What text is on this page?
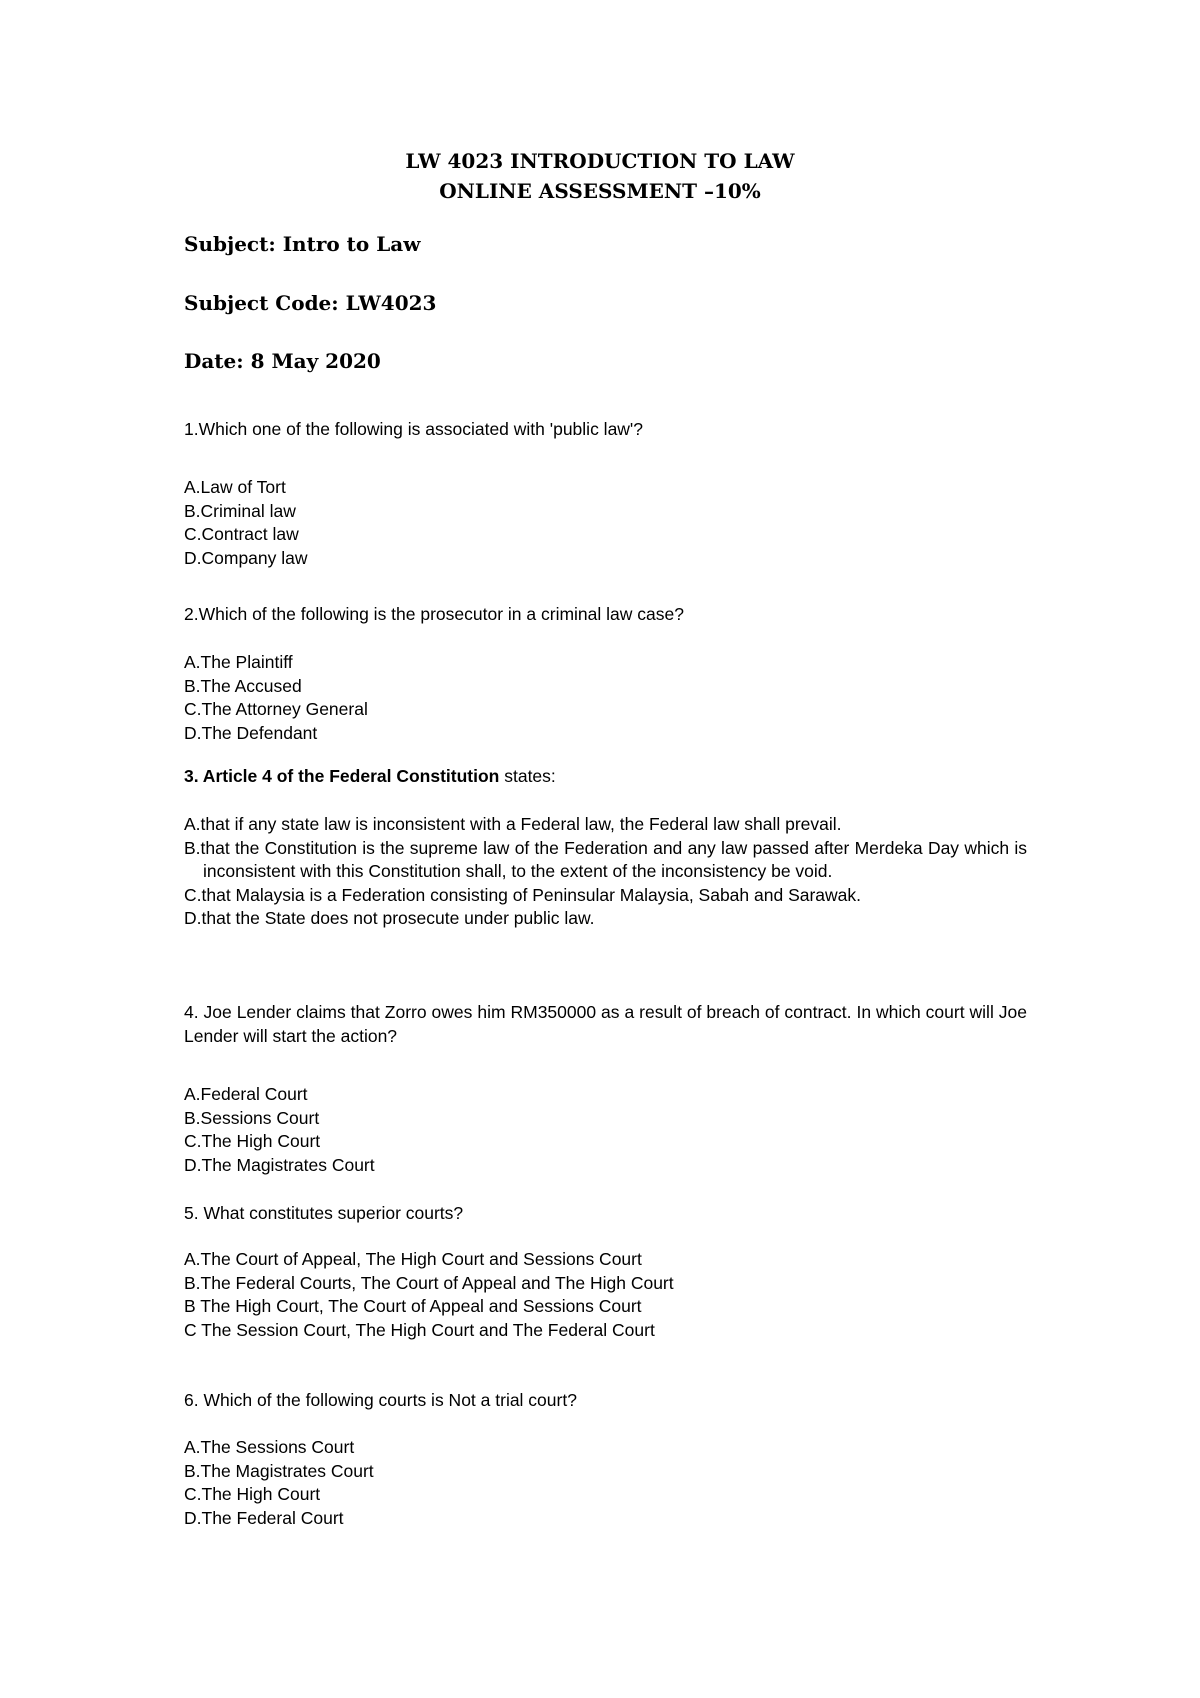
LW 4023 INTRODUCTION TO LAW
ONLINE ASSESSMENT –10%
Subject: Intro to Law
Subject Code: LW4023
Date: 8 May 2020

1.Which one of the following is associated with 'public law'?

A.Law of Tort

B.Criminal law

C.Contract law

D.Company law

2.Which of the following is the prosecutor in a criminal law case?

A.The Plaintiff

B.The Accused

C.The Attorney General

D.The Defendant

3. Article 4 of the Federal Constitution states:

A.that if any state law is inconsistent with a Federal law, the Federal law shall prevail.

B.that the Constitution is the supreme law of the Federation and any law passed after Merdeka Day which is inconsistent with this Constitution shall, to the extent of the inconsistency be void.

C.that Malaysia is a Federation consisting of Peninsular Malaysia, Sabah and Sarawak.

D.that the State does not prosecute under public law.

4. Joe Lender claims that Zorro owes him RM350000 as a result of breach of contract. In which court will Joe Lender will start the action?

A.Federal Court

B.Sessions Court

C.The High Court

D.The Magistrates Court

5. What constitutes superior courts?

A.The Court of Appeal, The High Court and Sessions Court

B.The Federal Courts, The Court of Appeal and The High Court

B The High Court, The Court of Appeal and Sessions Court

C The Session Court, The High Court and The Federal Court

6. Which of the following courts is Not a trial court?

A.The Sessions Court

B.The Magistrates Court

C.The High Court

D.The Federal Court
